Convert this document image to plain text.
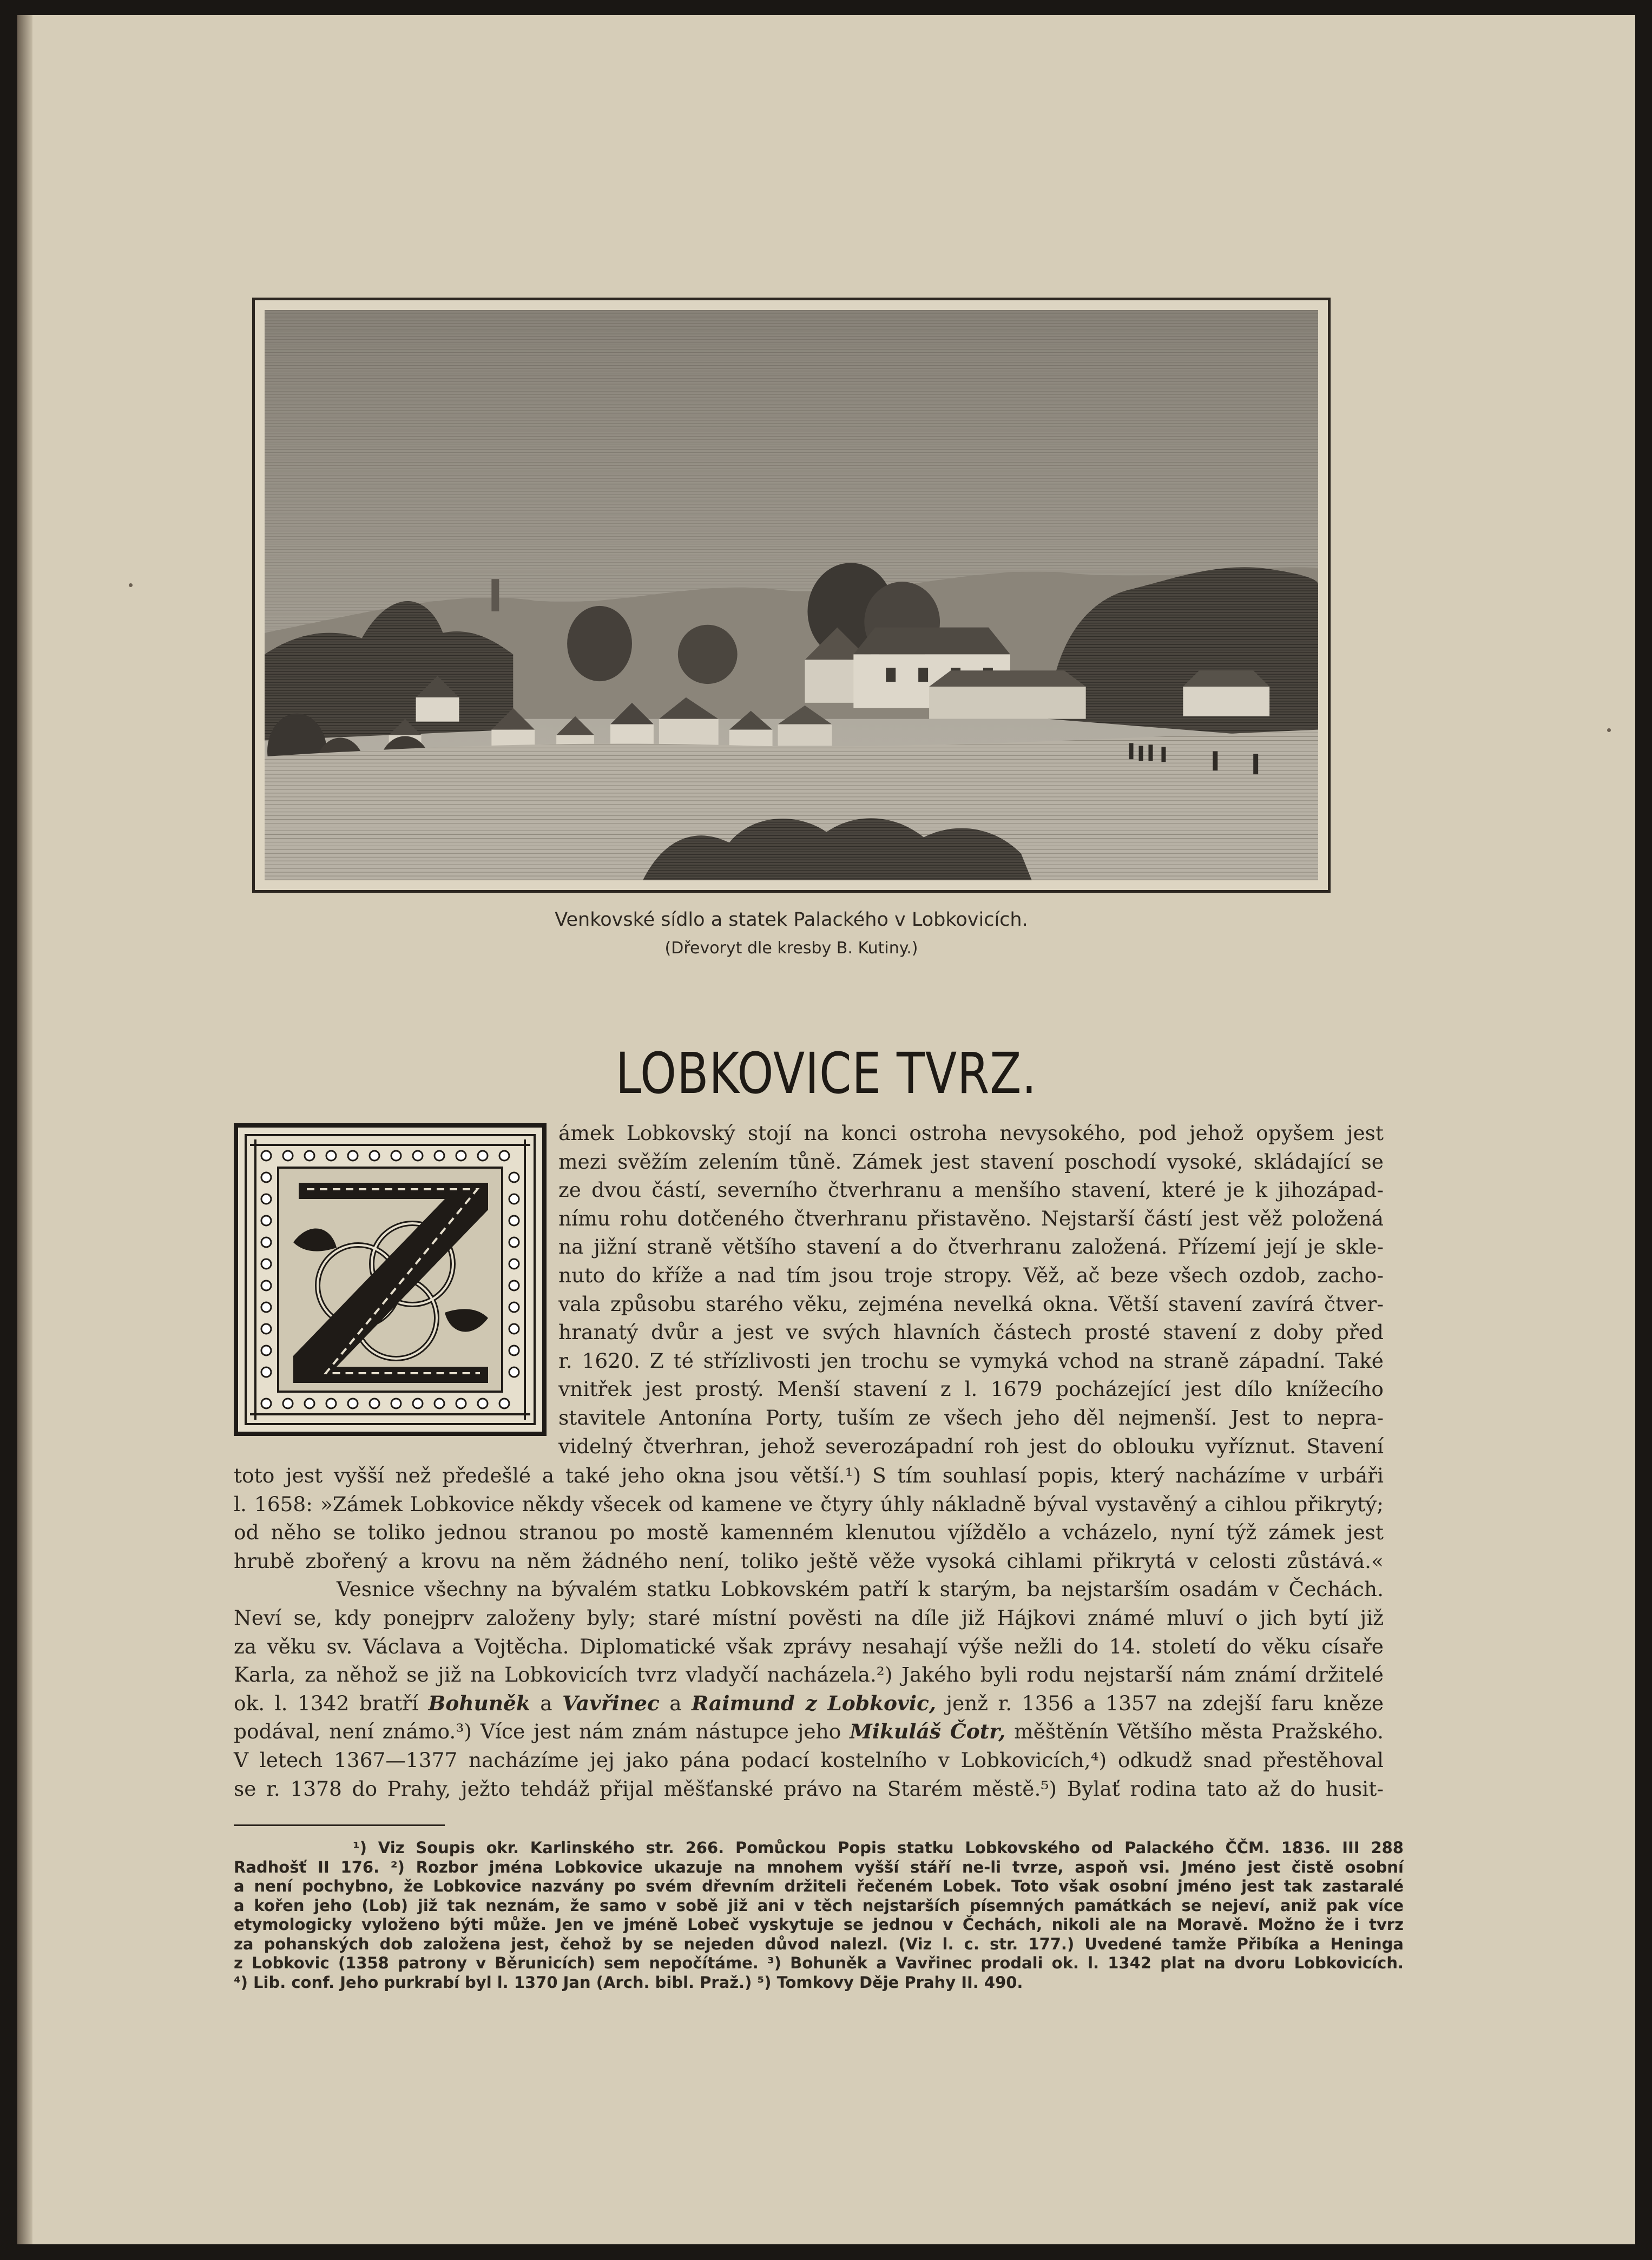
Venkovské sídlo a statek Palackého v Lobkovicích.
(Dřevoryt dle kresby B. Kutiny.)
LOBKOVICE TVRZ.
ámek Lobkovský stojí na konci ostroha nevysokého, pod jehož opyšem jest
mezi svěžím zelením tůně. Zámek jest stavení poschodí vysoké, skládající se
ze dvou částí, severního čtverhranu a menšího stavení, které je k jihozápad-
nímu rohu dotčeného čtverhranu přistavěno. Nejstarší částí jest věž položená
na jižní straně většího stavení a do čtverhranu založená. Přízemí její je skle-
nuto do kříže a nad tím jsou troje stropy. Věž, ač beze všech ozdob, zacho-
vala způsobu starého věku, zejména nevelká okna. Větší stavení zavírá čtver-
hranatý dvůr a jest ve svých hlavních částech prosté stavení z doby před
r. 1620. Z té střízlivosti jen trochu se vymyká vchod na straně západní. Také
vnitřek jest prostý. Menší stavení z l. 1679 pocházející jest dílo knížecího
stavitele Antonína Porty, tuším ze všech jeho děl nejmenší. Jest to nepra-
videlný čtverhran, jehož severozápadní roh jest do oblouku vyříznut. Stavení
toto jest vyšší než předešlé a také jeho okna jsou větší.¹) S tím souhlasí popis, který nacházíme v urbáři
l. 1658: »Zámek Lobkovice někdy všecek od kamene ve čtyry úhly nákladně býval vystavěný a cihlou přikrytý;
od něho se toliko jednou stranou po mostě kamenném klenutou vjíždělo a vcházelo, nyní týž zámek jest
hrubě zbořený a krovu na něm žádného není, toliko ještě věže vysoká cihlami přikrytá v celosti zůstává.«
Vesnice všechny na bývalém statku Lobkovském patří k starým, ba nejstarším osadám v Čechách.
Neví se, kdy ponejprv založeny byly; staré místní pověsti na díle již Hájkovi známé mluví o jich bytí již
za věku sv. Václava a Vojtěcha. Diplomatické však zprávy nesahají výše nežli do 14. století do věku císaře
Karla, za něhož se již na Lobkovicích tvrz vladyčí nacházela.²) Jakého byli rodu nejstarší nám známí držitelé
ok. l. 1342 bratří Bohuněk a Vavřinec a Raimund z Lobkovic, jenž r. 1356 a 1357 na zdejší faru kněze
podával, není známo.³) Více jest nám znám nástupce jeho Mikuláš Čotr, měštěnín Většího města Pražského.
V letech 1367—1377 nacházíme jej jako pána podací kostelního v Lobkovicích,⁴) odkudž snad přestěhoval
se r. 1378 do Prahy, ježto tehdáž přijal měšťanské právo na Starém městě.⁵) Bylať rodina tato až do husit-
¹) Viz Soupis okr. Karlinského str. 266. Pomůckou Popis statku Lobkovského od Palackého ČČM. 1836. III 288
Radhošť II 176. ²) Rozbor jména Lobkovice ukazuje na mnohem vyšší stáří ne-li tvrze, aspoň vsi. Jméno jest čistě osobní
a není pochybno, že Lobkovice nazvány po svém dřevním držiteli řečeném Lobek. Toto však osobní jméno jest tak zastaralé
a kořen jeho (Lob) již tak neznám, že samo v sobě již ani v těch nejstarších písemných památkách se nejeví, aniž pak více
etymologicky vyloženo býti může. Jen ve jméně Lobeč vyskytuje se jednou v Čechách, nikoli ale na Moravě. Možno že i tvrz
za pohanských dob založena jest, čehož by se nejeden důvod nalezl. (Viz l. c. str. 177.) Uvedené tamže Přibíka a Heninga
z Lobkovic (1358 patrony v Běrunicích) sem nepočítáme. ³) Bohuněk a Vavřinec prodali ok. l. 1342 plat na dvoru Lobkovicích.
⁴) Lib. conf. Jeho purkrabí byl l. 1370 Jan (Arch. bibl. Praž.) ⁵) Tomkovy Děje Prahy II. 490.
